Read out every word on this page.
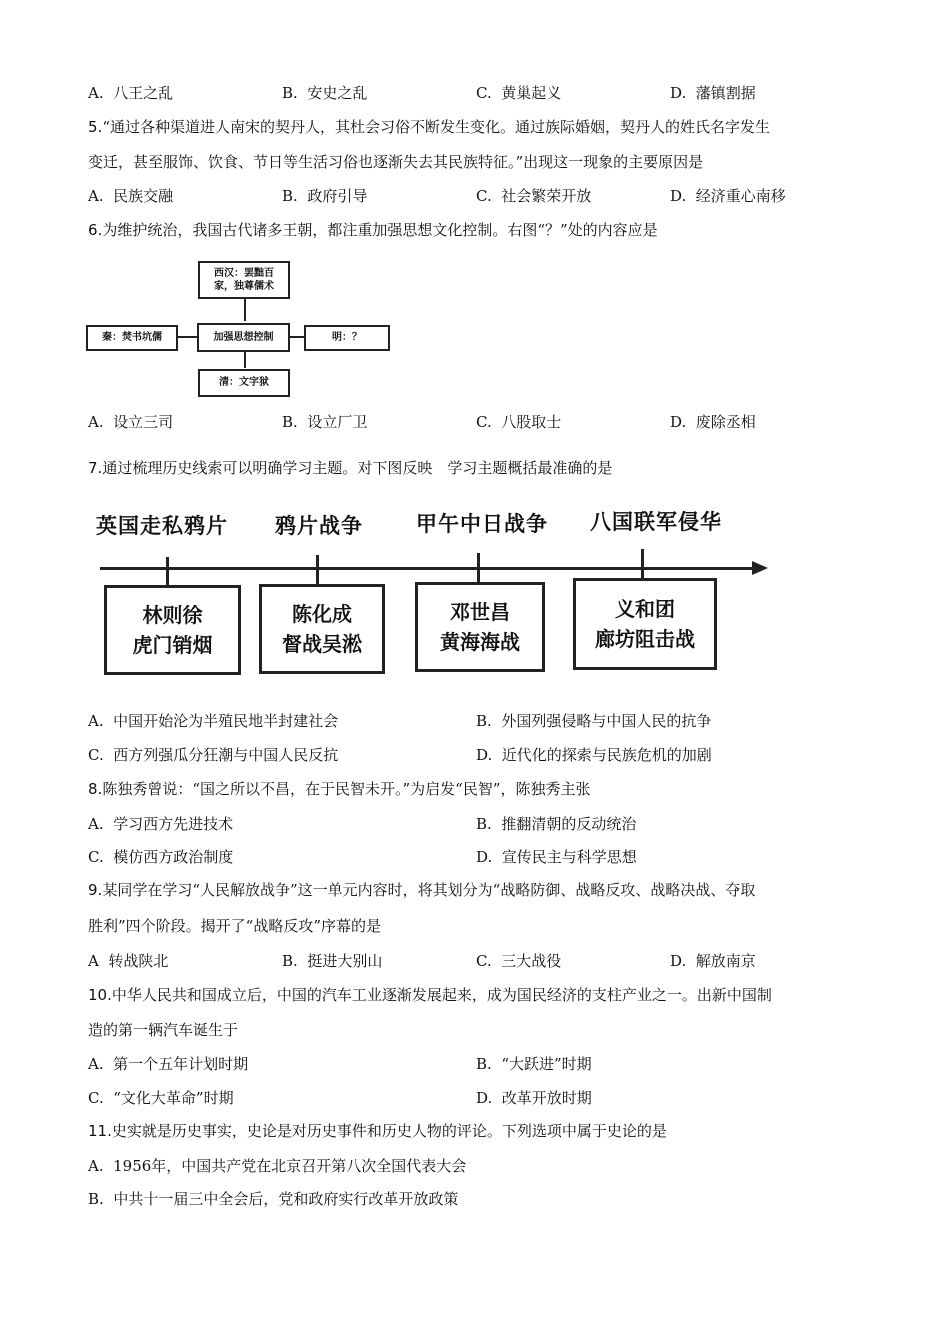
A.  八王之乱	B.  安史之乱	C.  黄巢起义	D.  藩镇割据
5.“通过各种渠道进人南宋的契丹人，其杜会习俗不断发生变化。通过族际婚姻，契丹人的姓氏名字发生
变迁，甚至服饰、饮食、节日等生活习俗也逐渐失去其民族特征。”出现这一现象的主要原因是
A.  民族交融	B.  政府引导	C.  社会繁荣开放	D.  经济重心南移
6.为维护统治，我国古代诸多王朝，都注重加强思想文化控制。右图“？”处的内容应是
西汉：罢黜百
家，独尊儒术
秦：焚书坑儒	加强思想控制	明：？
清：文字狱
A.  设立三司	B.  设立厂卫	C.  八股取士	D.  废除丞相
7.通过梳理历史线索可以明确学习主题。对下图反映　学习主题概括最准确的是
英国走私鸦片 鸦片战争	甲午中日战争 八国联军侵华
林则徐
虎门销烟
陈化成
督战吴淞
邓世昌
黄海海战
义和团
廊坊阻击战
A.  中国开始沦为半殖民地半封建社会	B.  外国列强侵略与中国人民的抗争
C.  西方列强瓜分狂潮与中国人民反抗	D.  近代化的探索与民族危机的加剧
8.陈独秀曾说：“国之所以不昌，在于民智未开。”为启发“民智”，陈独秀主张
A.  学习西方先进技术	B.  推翻清朝的反动统治
C.  模仿西方政治制度	D.  宣传民主与科学思想
9.某同学在学习“人民解放战争”这一单元内容时，将其划分为“战略防御、战略反攻、战略决战、夺取
胜利”四个阶段。揭开了“战略反攻”序幕的是
A  转战陕北	B.  挺进大别山	C.  三大战役	D.  解放南京
10.中华人民共和国成立后，中国的汽车工业逐渐发展起来，成为国民经济的支柱产业之一。出新中国制
造的第一辆汽车诞生于
A.  第一个五年计划时期	B.  “大跃进”时期
C.  “文化大革命”时期	D.  改革开放时期
11.史实就是历史事实，史论是对历史事件和历史人物的评论。下列选项中属于史论的是
A.  1956年，中国共产党在北京召开第八次全国代表大会
B.  中共十一届三中全会后，党和政府实行改革开放政策
